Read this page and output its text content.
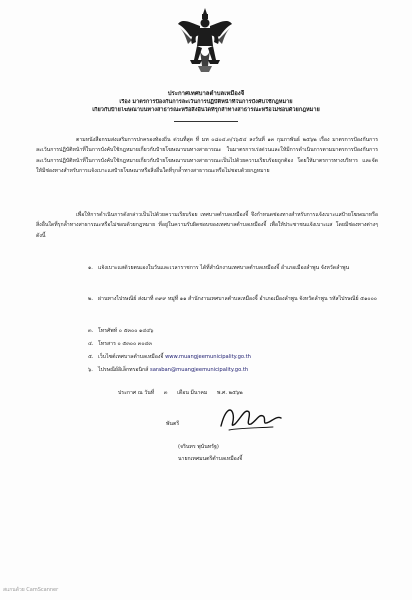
ประกาศเทศบาลตำบลเหมืองจี้
เรื่อง มาตรการป้องกันการละเว้นการปฏิบัติหน้าที่ในการบังคับใช้กฎหมาย
เกี่ยวกับป้ายโฆษณาบนทางสาธารณะหรือสิ่งอื่นใดที่รุกล้ำทางสาธารณะหรือไม่ชอบด้วยกฎหมาย
ตามหนังสือกรมส่งเสริมการปกครองท้องถิ่น ด่วนที่สุด ที่ มท ๐๘๐๔.๓/ว๖๕๔ ลงวันที่ ๑๓ กุมภาพันธ์ ๒๕๖๒ เรื่อง มาตรการป้องกันการละเว้นการปฏิบัติหน้าที่ในการบังคับใช้กฎหมายเกี่ยวกับป้ายโฆษณาบนทางสาธารณะ ในมาตรการเร่งด่วนและให้มีการดำเนินการตามมาตรการป้องกันการละเว้นการปฏิบัติหน้าที่ในการบังคับใช้กฎหมายเกี่ยวกับป้ายโฆษณาบนทางสาธารณะเป็นไปด้วยความเรียบร้อยถูกต้อง โดยให้มาตรการทางบริหาร และจัดให้มีช่องทางสำหรับการแจ้งเบาะแสป้ายโฆษณาหรือสิ่งอื่นใดที่รุกล้ำทางสาธารณะหรือไม่ชอบด้วยกฎหมาย
เพื่อให้การดำเนินการดังกล่าวเป็นไปด้วยความเรียบร้อย เทศบาลตำบลเหมืองจี้ จึงกำหนดช่องทางสำหรับการแจ้งเบาะแสป้ายโฆษณาหรือสิ่งอื่นใดที่รุกล้ำทางสาธารณะหรือไม่ชอบด้วยกฎหมาย ที่อยู่ในความรับผิดชอบของเทศบาลตำบลเหมืองจี้ เพื่อให้ประชาชนแจ้งเบาะแส โดยมีช่องทางต่างๆ ดังนี้
๑. แจ้งเบาะแสด้วยตนเองในวันและเวลาราชการ ได้ที่สำนักงานเทศบาลตำบลเหมืองจี้ อำเภอเมืองลำพูน จังหวัดลำพูน
๒. ผ่านทางไปรษณีย์ ส่งมาที่ ๓๙๙ หมู่ที่ ๑๑ สำนักงานเทศบาลตำบลเหมืองจี้ อำเภอเมืองลำพูน จังหวัดลำพูน รหัสไปรษณีย์ ๕๑๐๐๐
๓. โทรศัพท์ ๐ ๕๓๐๐ ๑๔๔๖
๔. โทรสาร ๐ ๕๓๐๐ ๓๐๔๓
๕. เว็บไซต์เทศบาลตำบลเหมืองจี้ www.muangjeemunicipality.go.th
๖. ไปรษณีย์อิเล็กทรอนิกส์ saraban@muangjeemunicipality.go.th
ประกาศ ณ วันที่ ๓ เดือน มีนาคม พ.ศ. ๒๕๖๒
พันตรี
(จรินทร พุนันทรัฐ)
นายกเทศมนตรีตำบลเหมืองจี้
สแกนด้วย CamScanner
